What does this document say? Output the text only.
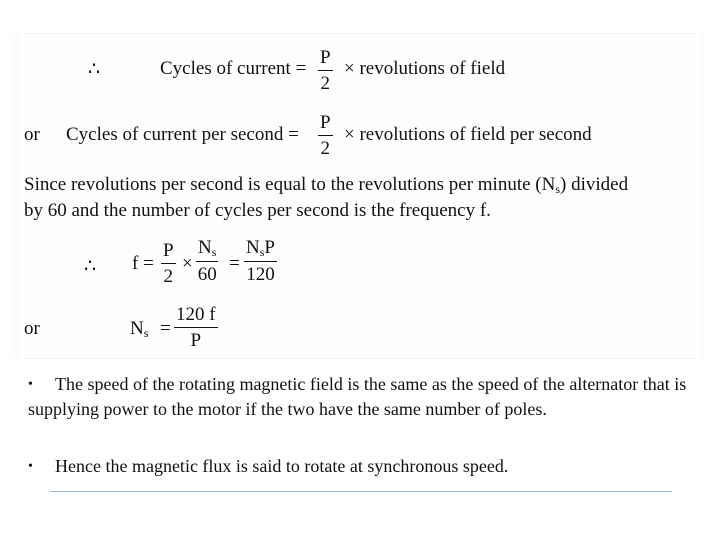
∴	Cycles of current = $\frac{P}{2}$ × revolutions of field
or Cycles of current per second = $\frac{P}{2}$ × revolutions of field per second
Since revolutions per second is equal to the revolutions per minute $(N_s)$ divided
by 60 and the number of cycles per second is the frequency f.
∴ $f = \frac{P}{2} \times \frac{N_s}{60}$ =
$N_sP$
120
or	$N_s = \frac{120 f}{P}$
• The speed of the rotating magnetic field is the same as the speed of the alternator that is supplying power to the motor if the two have the same number of poles.
• Hence the magnetic flux is said to rotate at synchronous speed.
